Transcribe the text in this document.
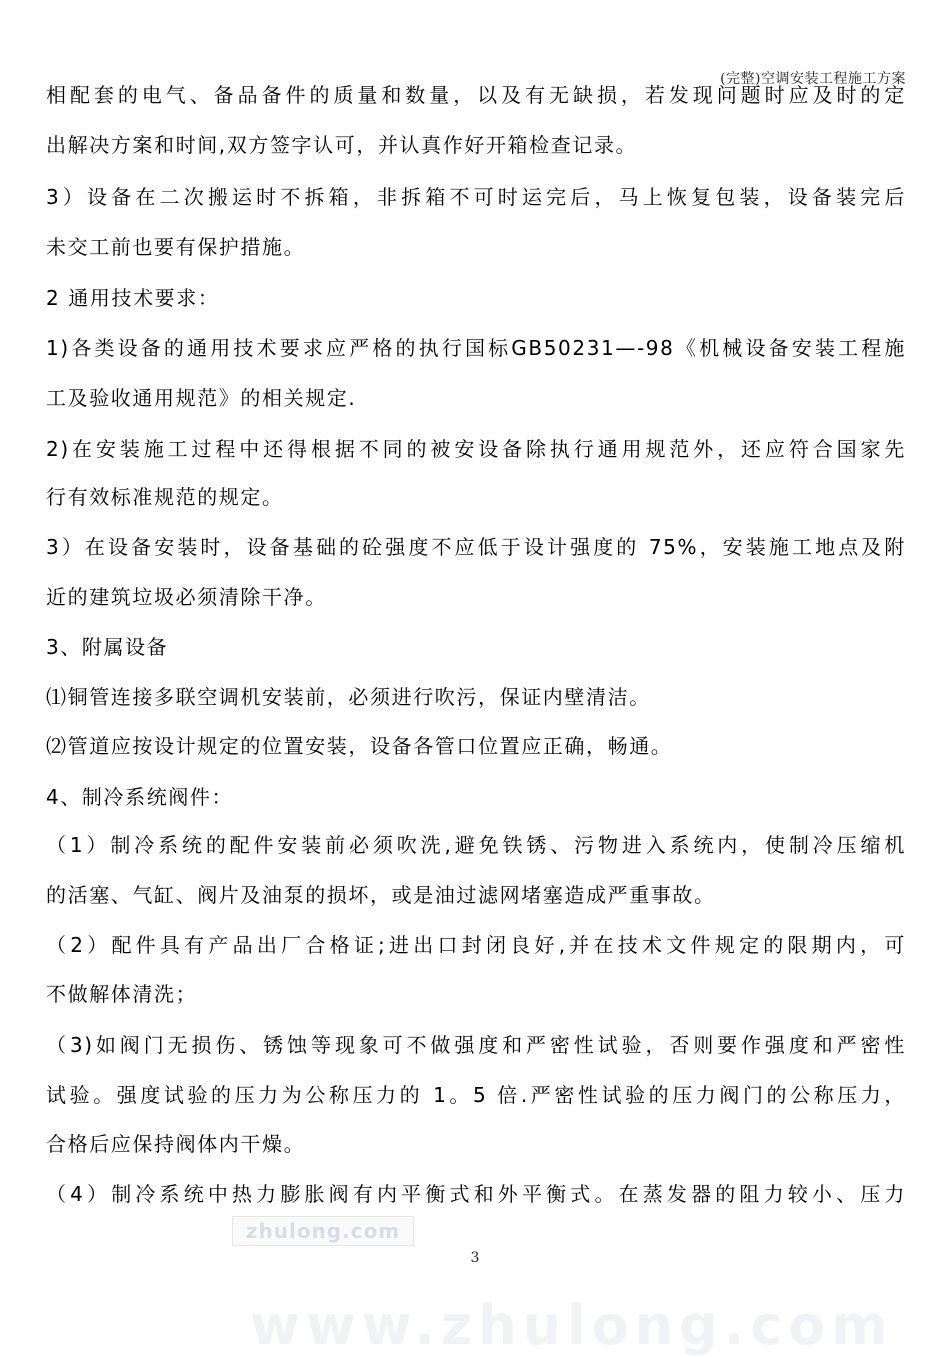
(完整)空调安装工程施工方案
相配套的电气、备品备件的质量和数量，以及有无缺损，若发现问题时应及时的定
出解决方案和时间,双方签字认可，并认真作好开箱检查记录。
3）设备在二次搬运时不拆箱，非拆箱不可时运完后，马上恢复包装，设备装完后
未交工前也要有保护措施。
2 通用技术要求：
1)各类设备的通用技术要求应严格的执行国标GB50231—-98《机械设备安装工程施
工及验收通用规范》的相关规定.
2)在安装施工过程中还得根据不同的被安设备除执行通用规范外，还应符合国家先
行有效标准规范的规定。
3）在设备安装时，设备基础的砼强度不应低于设计强度的 75%，安装施工地点及附
近的建筑垃圾必须清除干净。
3、附属设备
⑴铜管连接多联空调机安装前，必须进行吹污，保证内壁清洁。
⑵管道应按设计规定的位置安装，设备各管口位置应正确，畅通。
4、制冷系统阀件：
（1）制冷系统的配件安装前必须吹洗,避免铁锈、污物进入系统内，使制冷压缩机
的活塞、气缸、阀片及油泵的损坏，或是油过滤网堵塞造成严重事故。
（2）配件具有产品出厂合格证;进出口封闭良好,并在技术文件规定的限期内，可
不做解体清洗；
（3)如阀门无损伤、锈蚀等现象可不做强度和严密性试验，否则要作强度和严密性
试验。强度试验的压力为公称压力的 1。5 倍.严密性试验的压力阀门的公称压力，
合格后应保持阀体内干燥。
（4）制冷系统中热力膨胀阀有内平衡式和外平衡式。在蒸发器的阻力较小、压力
zhulong.com
3
www.zhulong.com
